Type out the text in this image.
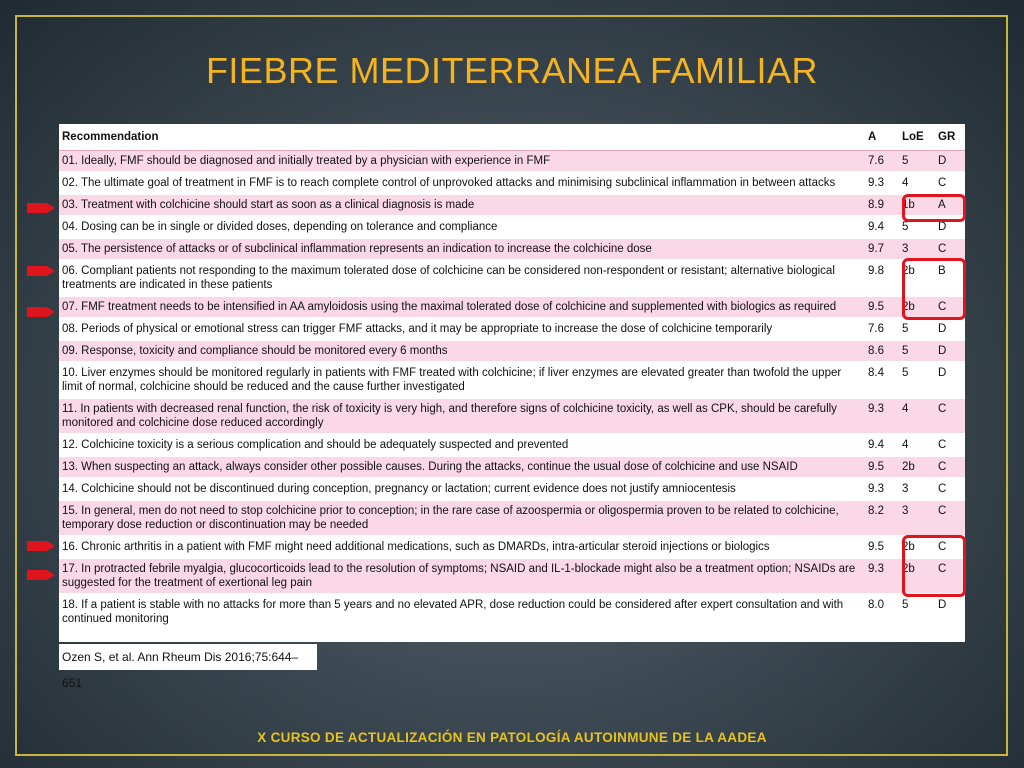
FIEBRE MEDITERRANEA FAMILIAR
Recommendation	A	LoE	GR
01. Ideally, FMF should be diagnosed and initially treated by a physician with experience in FMF	7.6	5	D
02. The ultimate goal of treatment in FMF is to reach complete control of unprovoked attacks and minimising subclinical inflammation in between attacks	9.3	4	C
03. Treatment with colchicine should start as soon as a clinical diagnosis is made	8.9	1b	A
04. Dosing can be in single or divided doses, depending on tolerance and compliance	9.4	5	D
05. The persistence of attacks or of subclinical inflammation represents an indication to increase the colchicine dose	9.7	3	C
06. Compliant patients not responding to the maximum tolerated dose of colchicine can be considered non-respondent or resistant; alternative biological treatments are indicated in these patients	9.8	2b	B
07. FMF treatment needs to be intensified in AA amyloidosis using the maximal tolerated dose of colchicine and supplemented with biologics as required	9.5	2b	C
08. Periods of physical or emotional stress can trigger FMF attacks, and it may be appropriate to increase the dose of colchicine temporarily	7.6	5	D
09. Response, toxicity and compliance should be monitored every 6 months	8.6	5	D
10. Liver enzymes should be monitored regularly in patients with FMF treated with colchicine; if liver enzymes are elevated greater than twofold the upper limit of normal, colchicine should be reduced and the cause further investigated	8.4	5	D
11. In patients with decreased renal function, the risk of toxicity is very high, and therefore signs of colchicine toxicity, as well as CPK, should be carefully monitored and colchicine dose reduced accordingly	9.3	4	C
12. Colchicine toxicity is a serious complication and should be adequately suspected and prevented	9.4	4	C
13. When suspecting an attack, always consider other possible causes. During the attacks, continue the usual dose of colchicine and use NSAID	9.5	2b	C
14. Colchicine should not be discontinued during conception, pregnancy or lactation; current evidence does not justify amniocentesis	9.3	3	C
15. In general, men do not need to stop colchicine prior to conception; in the rare case of azoospermia or oligospermia proven to be related to colchicine, temporary dose reduction or discontinuation may be needed	8.2	3	C
16. Chronic arthritis in a patient with FMF might need additional medications, such as DMARDs, intra-articular steroid injections or biologics	9.5	2b	C
17. In protracted febrile myalgia, glucocorticoids lead to the resolution of symptoms; NSAID and IL-1-blockade might also be a treatment option; NSAIDs are suggested for the treatment of exertional leg pain	9.3	2b	C
18. If a patient is stable with no attacks for more than 5 years and no elevated APR, dose reduction could be considered after expert consultation and with continued monitoring	8.0	5	D
Ozen S, et al. Ann Rheum Dis 2016;75:644–651
X CURSO DE ACTUALIZACIÓN EN PATOLOGÍA AUTOINMUNE DE LA AADEA
